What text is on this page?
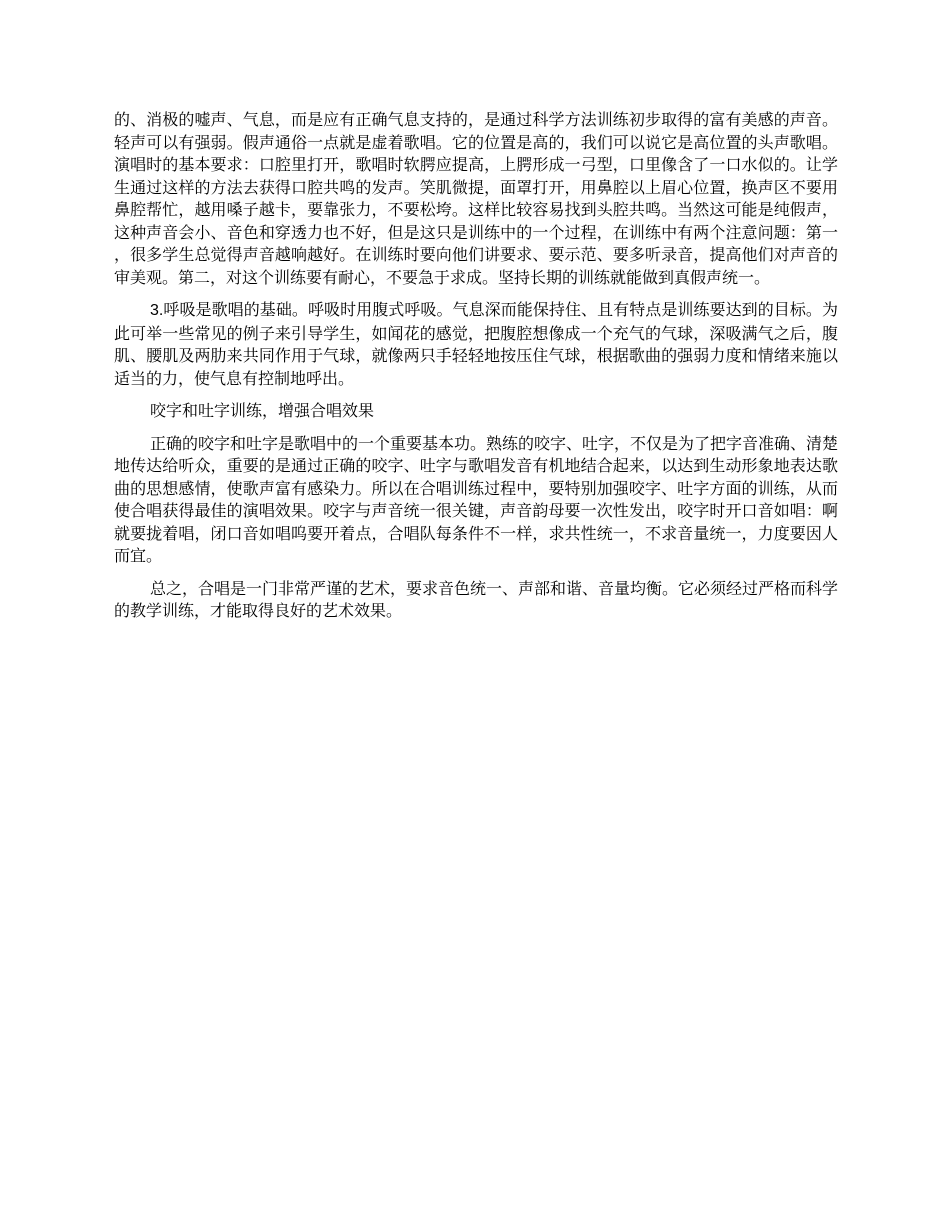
的、消极的嘘声、气息，而是应有正确气息支持的，是通过科学方法训练初步取得的富有美感的声音。轻声可以有强弱。假声通俗一点就是虚着歌唱。它的位置是高的，我们可以说它是高位置的头声歌唱。演唱时的基本要求：口腔里打开，歌唱时软腭应提高，上腭形成一弓型，口里像含了一口水似的。让学生通过这样的方法去获得口腔共鸣的发声。笑肌微提，面罩打开，用鼻腔以上眉心位置，换声区不要用鼻腔帮忙，越用嗓子越卡，要靠张力，不要松垮。这样比较容易找到头腔共鸣。当然这可能是纯假声，这种声音会小、音色和穿透力也不好，但是这只是训练中的一个过程，在训练中有两个注意问题：第一，很多学生总觉得声音越响越好。在训练时要向他们讲要求、要示范、要多听录音，提高他们对声音的审美观。第二，对这个训练要有耐心，不要急于求成。坚持长期的训练就能做到真假声统一。

3.呼吸是歌唱的基础。呼吸时用腹式呼吸。气息深而能保持住、且有特点是训练要达到的目标。为此可举一些常见的例子来引导学生，如闻花的感觉，把腹腔想像成一个充气的气球，深吸满气之后，腹肌、腰肌及两肋来共同作用于气球，就像两只手轻轻地按压住气球，根据歌曲的强弱力度和情绪来施以适当的力，使气息有控制地呼出。

咬字和吐字训练，增强合唱效果

正确的咬字和吐字是歌唱中的一个重要基本功。熟练的咬字、吐字，不仅是为了把字音准确、清楚地传达给听众，重要的是通过正确的咬字、吐字与歌唱发音有机地结合起来，以达到生动形象地表达歌曲的思想感情，使歌声富有感染力。所以在合唱训练过程中，要特别加强咬字、吐字方面的训练，从而使合唱获得最佳的演唱效果。咬字与声音统一很关键，声音韵母要一次性发出，咬字时开口音如唱：啊就要拢着唱，闭口音如唱呜要开着点，合唱队每条件不一样，求共性统一，不求音量统一，力度要因人而宜。

总之，合唱是一门非常严谨的艺术，要求音色统一、声部和谐、音量均衡。它必须经过严格而科学的教学训练，才能取得良好的艺术效果。
